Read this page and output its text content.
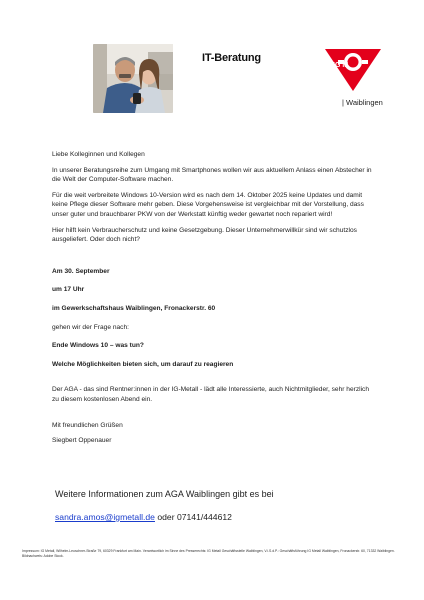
IT-Beratung
IG M
| Waiblingen

Liebe Kolleginnen und Kollegen

In unserer Beratungsreihe zum Umgang mit Smartphones wollen wir aus aktuellem Anlass einen Abstecher in die Welt der Computer-Software machen.

Für die weit verbreitete Windows 10-Version wird es nach dem 14. Oktober 2025 keine Updates und damit keine Pflege dieser Software mehr geben. Diese Vorgehensweise ist vergleichbar mit der Vorstellung, dass unser guter und brauchbarer PKW von der Werkstatt künftig weder gewartet noch repariert wird!

Hier hilft kein Verbraucherschutz und keine Gesetzgebung. Dieser Unternehmerwillkür sind wir schutzlos ausgeliefert. Oder doch nicht?

Am 30. September

um 17 Uhr

im Gewerkschaftshaus Waiblingen, Fronackerstr. 60

gehen wir der Frage nach:

Ende Windows 10 – was tun?

Welche Möglichkeiten bieten sich, um darauf zu reagieren

Der AGA - das sind Rentner:innen in der IG-Metall - lädt alle Interessierte, auch Nichtmitglieder, sehr herzlich zu diesem kostenlosen Abend ein.

Mit freundlichen Grüßen

Siegbert Oppenauer

Weitere Informationen zum AGA Waiblingen gibt es bei
sandra.amos@igmetall.de oder 07141/444612
Impressum: IG Metall, Wilhelm-Leuschner-Straße 79, 60329 Frankfurt am Main. Verantwortlich im Sinne des Presserechts: IG Metall Geschäftsstelle Waiblingen, V.i.S.d.P.: Geschäftsführung IG Metall Waiblingen, Fronackerstr. 60, 71332 Waiblingen. Bildnachweis: Adobe Stock.
